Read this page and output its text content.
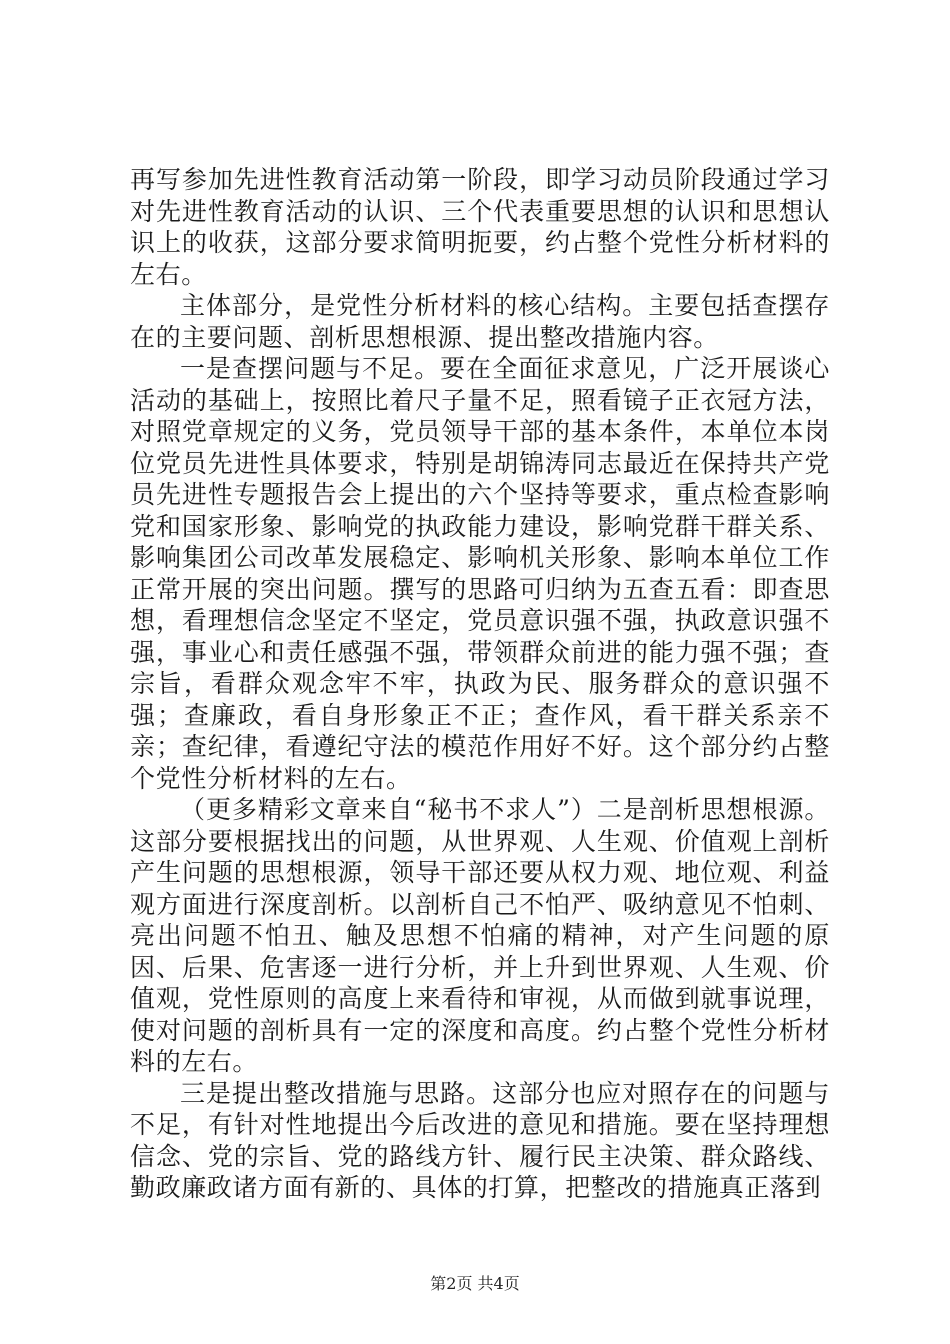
再写参加先进性教育活动第一阶段，即学习动员阶段通过学习对先进性教育活动的认识、三个代表重要思想的认识和思想认识上的收获，这部分要求简明扼要，约占整个党性分析材料的左右。

主体部分，是党性分析材料的核心结构。主要包括查摆存在的主要问题、剖析思想根源、提出整改措施内容。

一是查摆问题与不足。要在全面征求意见，广泛开展谈心活动的基础上，按照比着尺子量不足，照看镜子正衣冠方法，对照党章规定的义务，党员领导干部的基本条件，本单位本岗位党员先进性具体要求，特别是胡锦涛同志最近在保持共产党员先进性专题报告会上提出的六个坚持等要求，重点检查影响党和国家形象、影响党的执政能力建设，影响党群干群关系、影响集团公司改革发展稳定、影响机关形象、影响本单位工作正常开展的突出问题。撰写的思路可归纳为五查五看：即查思想，看理想信念坚定不坚定，党员意识强不强，执政意识强不强，事业心和责任感强不强，带领群众前进的能力强不强；查宗旨，看群众观念牢不牢，执政为民、服务群众的意识强不强；查廉政，看自身形象正不正；查作风，看干群关系亲不亲；查纪律，看遵纪守法的模范作用好不好。这个部分约占整个党性分析材料的左右。

（更多精彩文章来自“秘书不求人”）二是剖析思想根源。这部分要根据找出的问题，从世界观、人生观、价值观上剖析产生问题的思想根源，领导干部还要从权力观、地位观、利益观方面进行深度剖析。以剖析自己不怕严、吸纳意见不怕刺、亮出问题不怕丑、触及思想不怕痛的精神，对产生问题的原因、后果、危害逐一进行分析，并上升到世界观、人生观、价值观，党性原则的高度上来看待和审视，从而做到就事说理，使对问题的剖析具有一定的深度和高度。约占整个党性分析材料的左右。

三是提出整改措施与思路。这部分也应对照存在的问题与不足，有针对性地提出今后改进的意见和措施。要在坚持理想信念、党的宗旨、党的路线方针、履行民主决策、群众路线、勤政廉政诸方面有新的、具体的打算，把整改的措施真正落到

第2页 共4页
